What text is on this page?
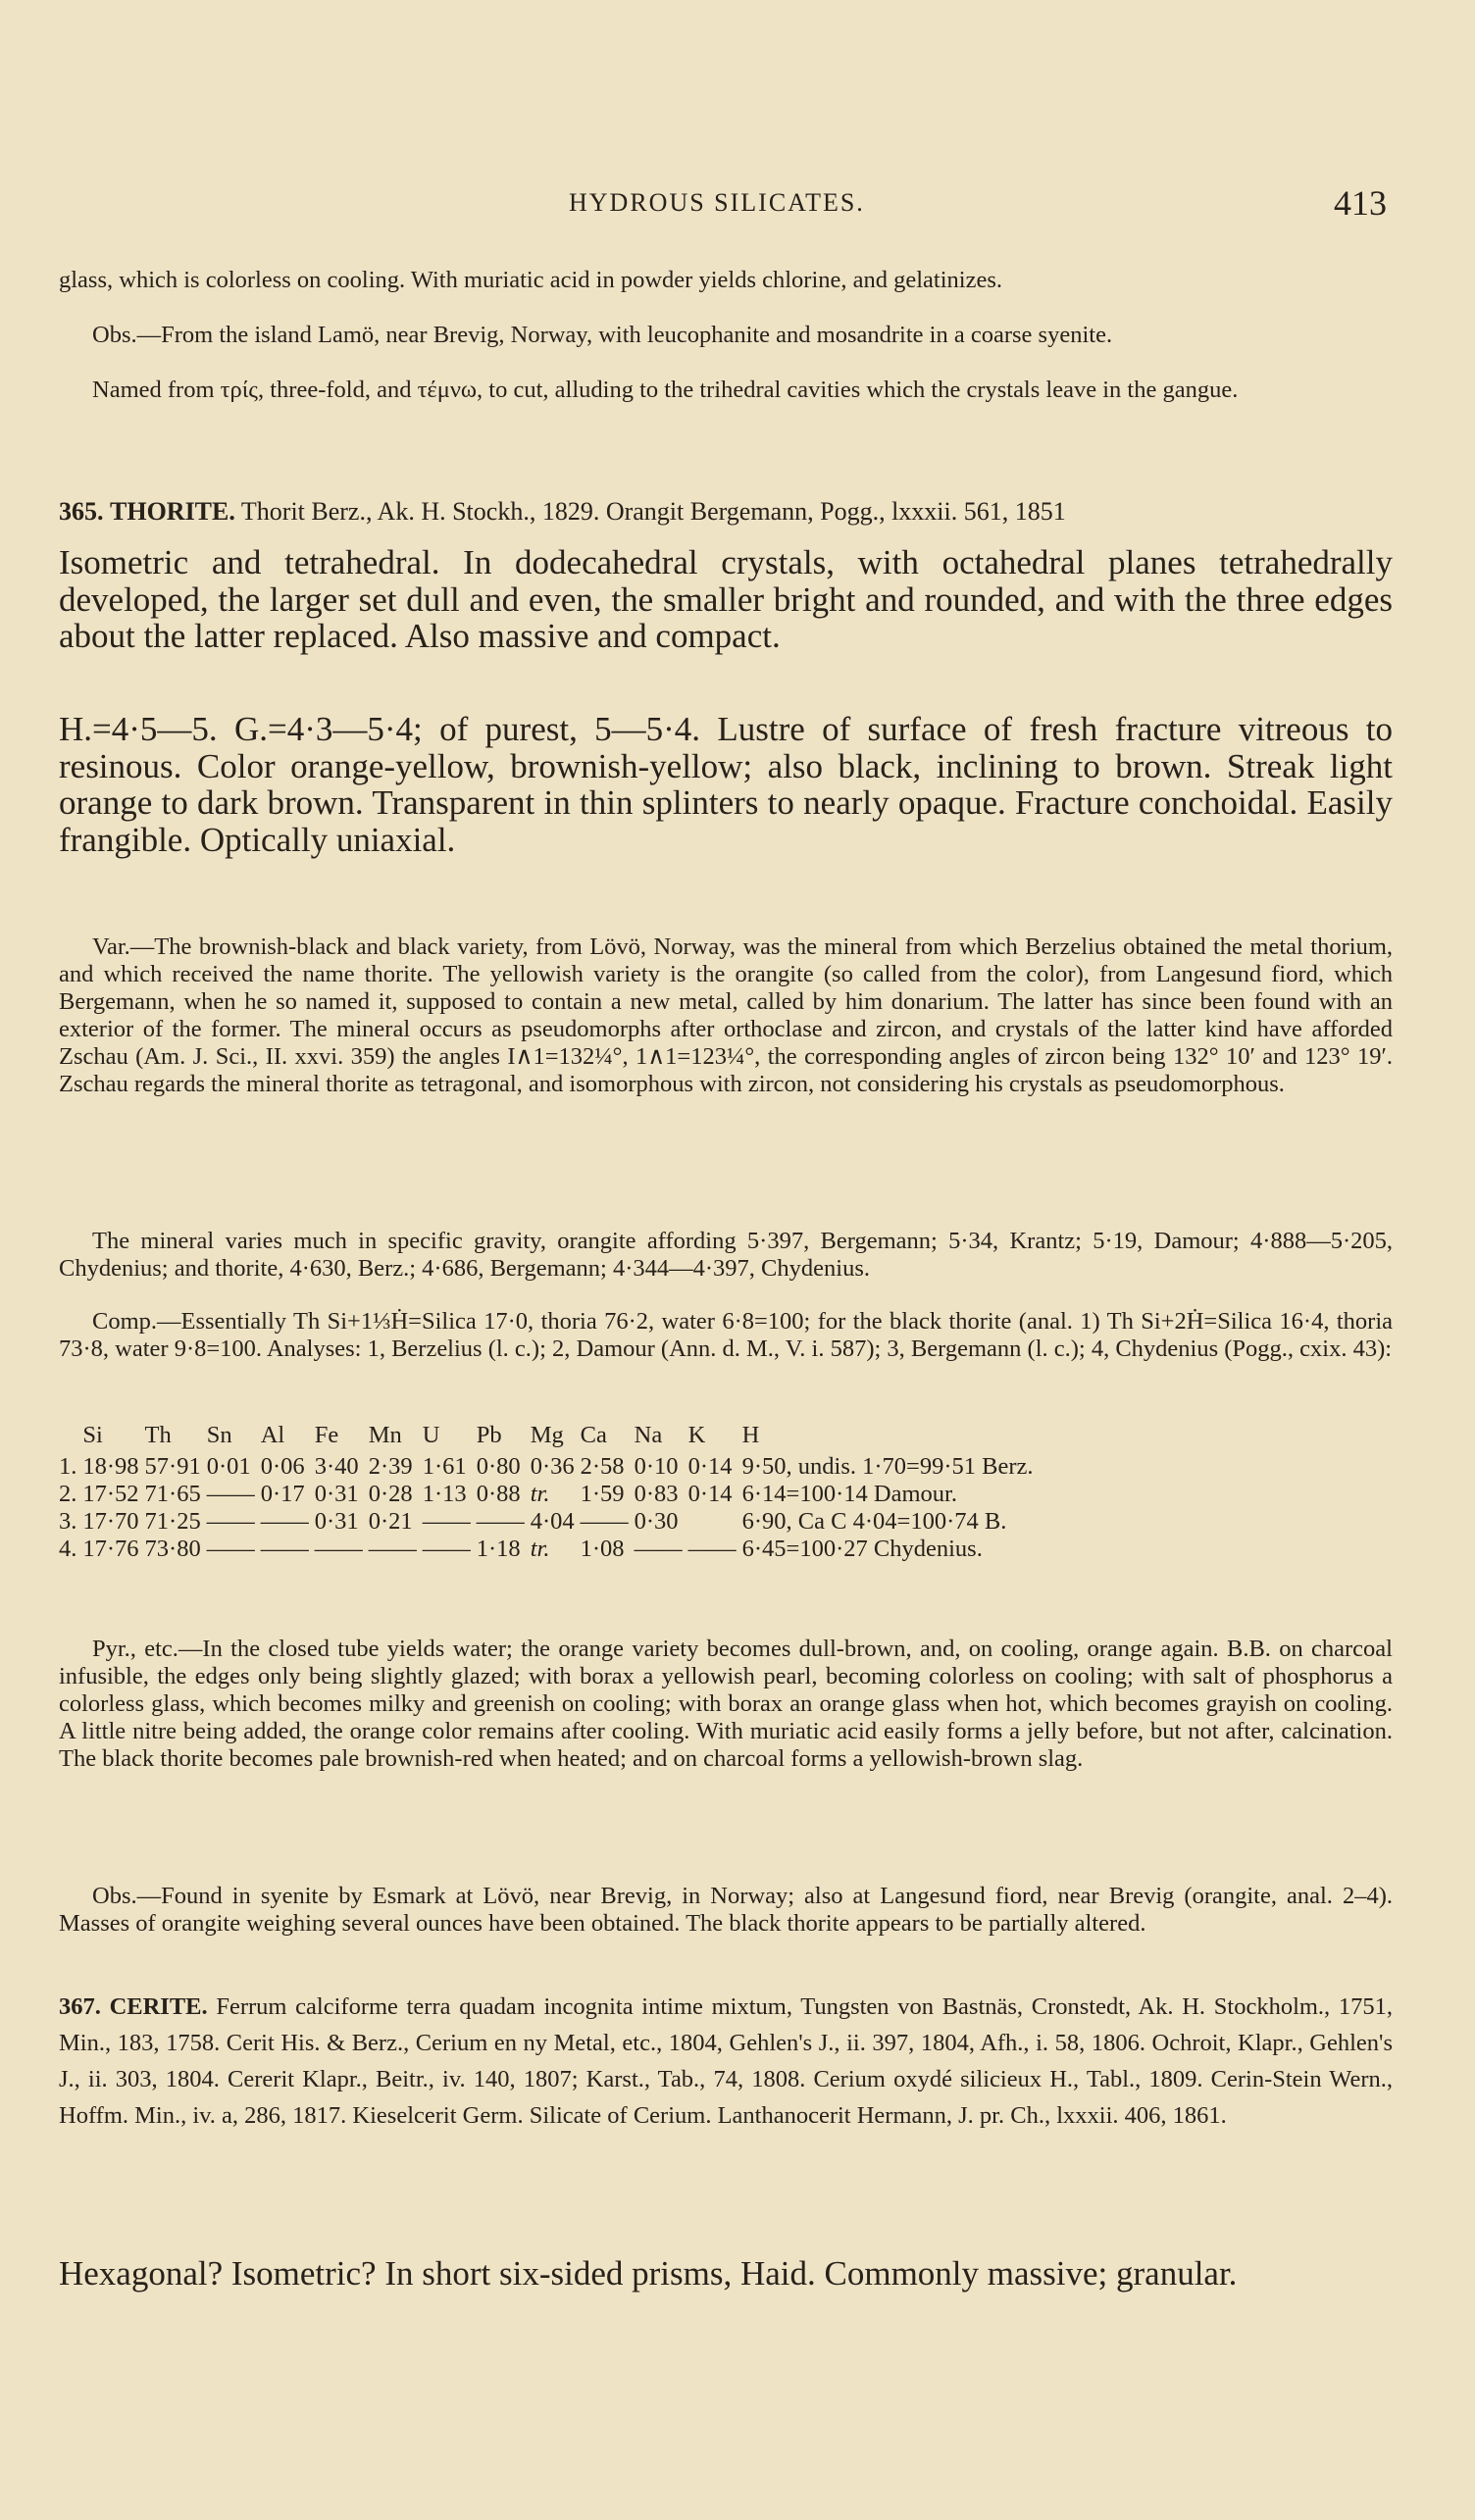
HYDROUS SILICATES.	413

glass, which is colorless on cooling. With muriatic acid in powder yields chlorine, and gelatinizes.

Obs.—From the island Lamö, near Brevig, Norway, with leucophanite and mosandrite in a coarse syenite.

Named from τρίς, three-fold, and τέμνω, to cut, alluding to the trihedral cavities which the crystals leave in the gangue.

365. THORITE. Thorit Berz., Ak. H. Stockh., 1829. Orangit Bergemann, Pogg., lxxxii. 561, 1851

Isometric and tetrahedral. In dodecahedral crystals, with octahedral planes tetrahedrally developed, the larger set dull and even, the smaller bright and rounded, and with the three edges about the latter replaced. Also massive and compact.

H.=4·5—5. G.=4·3—5·4; of purest, 5—5·4. Lustre of surface of fresh fracture vitreous to resinous. Color orange-yellow, brownish-yellow; also black, inclining to brown. Streak light orange to dark brown. Transparent in thin splinters to nearly opaque. Fracture conchoidal. Easily frangible. Optically uniaxial.

Var.—The brownish-black and black variety, from Lövö, Norway, was the mineral from which Berzelius obtained the metal thorium, and which received the name thorite. The yellowish variety is the orangite (so called from the color), from Langesund fiord, which Bergemann, when he so named it, supposed to contain a new metal, called by him donarium. The latter has since been found with an exterior of the former. The mineral occurs as pseudomorphs after orthoclase and zircon, and crystals of the latter kind have afforded Zschau (Am. J. Sci., II. xxvi. 359) the angles I∧1=132¼°, 1∧1=123¼°, the corresponding angles of zircon being 132° 10′ and 123° 19′. Zschau regards the mineral thorite as tetragonal, and isomorphous with zircon, not considering his crystals as pseudomorphous.

The mineral varies much in specific gravity, orangite affording 5·397, Bergemann; 5·34, Krantz; 5·19, Damour; 4·888—5·205, Chydenius; and thorite, 4·630, Berz.; 4·686, Bergemann; 4·344—4·397, Chydenius.

Comp.—Essentially Th Si+1⅓Ḣ=Silica 17·0, thoria 76·2, water 6·8=100; for the black thorite (anal. 1) Th Si+2Ḣ=Silica 16·4, thoria 73·8, water 9·8=100. Analyses: 1, Berzelius (l. c.); 2, Damour (Ann. d. M., V. i. 587); 3, Bergemann (l. c.); 4, Chydenius (Pogg., cxix. 43):

	Si	Th	Sn	Al	Fe	Mn	U	Pb	Mg	Ca	Na	K	H
1.	18·98	57·91	0·01	0·06	3·40	2·39	1·61	0·80	0·36	2·58	0·10	0·14	9·50, undis. 1·70=99·51 Berz.
2.	17·52	71·65	——	0·17	0·31	0·28	1·13	0·88	tr.	1·59	0·83	0·14	6·14=100·14 Damour.
3.	17·70	71·25	——	——	0·31	0·21	——	——	4·04	——	0·30		6·90, Ca C 4·04=100·74 B.
4.	17·76	73·80	——	——	——	——	——	1·18	tr.	1·08	——	——	6·45=100·27 Chydenius.

Pyr., etc.—In the closed tube yields water; the orange variety becomes dull-brown, and, on cooling, orange again. B.B. on charcoal infusible, the edges only being slightly glazed; with borax a yellowish pearl, becoming colorless on cooling; with salt of phosphorus a colorless glass, which becomes milky and greenish on cooling; with borax an orange glass when hot, which becomes grayish on cooling. A little nitre being added, the orange color remains after cooling. With muriatic acid easily forms a jelly before, but not after, calcination. The black thorite becomes pale brownish-red when heated; and on charcoal forms a yellowish-brown slag.

Obs.—Found in syenite by Esmark at Lövö, near Brevig, in Norway; also at Langesund fiord, near Brevig (orangite, anal. 2–4). Masses of orangite weighing several ounces have been obtained. The black thorite appears to be partially altered.

367. CERITE. Ferrum calciforme terra quadam incognita intime mixtum, Tungsten von Bastnäs, Cronstedt, Ak. H. Stockholm., 1751, Min., 183, 1758. Cerit His. & Berz., Cerium en ny Metal, etc., 1804, Gehlen's J., ii. 397, 1804, Afh., i. 58, 1806. Ochroit, Klapr., Gehlen's J., ii. 303, 1804. Cererit Klapr., Beitr., iv. 140, 1807; Karst., Tab., 74, 1808. Cerium oxydé silicieux H., Tabl., 1809. Cerin-Stein Wern., Hoffm. Min., iv. a, 286, 1817. Kieselcerit Germ. Silicate of Cerium. Lanthanocerit Hermann, J. pr. Ch., lxxxii. 406, 1861.

Hexagonal? Isometric? In short six-sided prisms, Haid. Commonly massive; granular.
